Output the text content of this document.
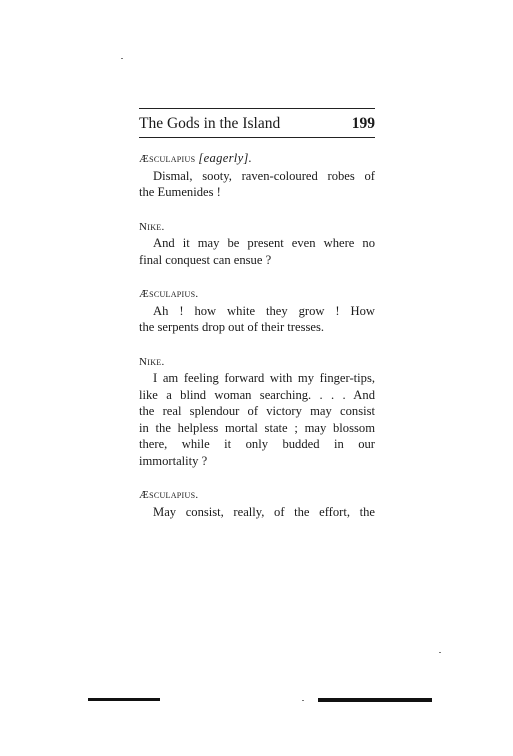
The Gods in the Island	199
Æsculapius [eagerly].
Dismal, sooty, raven-coloured robes of
the Eumenides !
Nike.
And it may be present even where no
final conquest can ensue ?
Æsculapius.
Ah ! how white they grow ! How
the serpents drop out of their tresses.
Nike.
I am feeling forward with my finger-tips,
like a blind woman searching. . . . And
the real splendour of victory may consist
in the helpless mortal state ; may blossom
there, while it only budded in our
immortality ?
Æsculapius.
May consist, really, of the effort, the
